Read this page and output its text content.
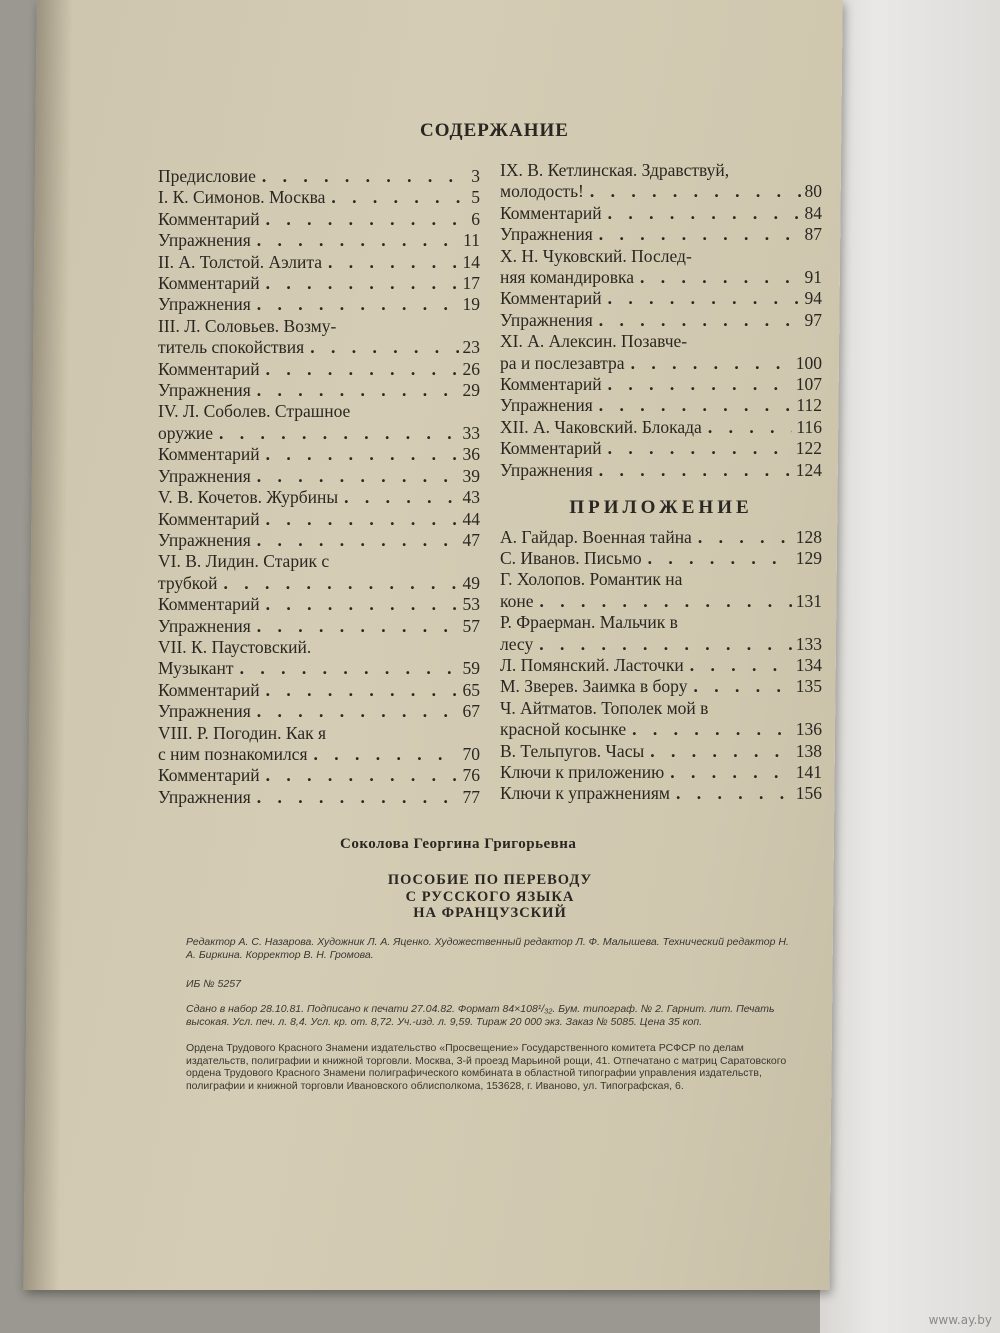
СОДЕРЖАНИЕ
Предисловие . . .	3
I. К. Симонов. Москва . . .	5
Комментарий . . .	6
Упражнения . . .	11
II. А. Толстой. Аэлита . . .	14
Комментарий . . .	17
Упражнения . . .	19
III. Л. Соловьев. Возму-
титель спокойствия . . .	23
Комментарий . . .	26
Упражнения . . .	29
IV. Л. Соболев. Страшное
оружие . . .	33
Комментарий . . .	36
Упражнения . . .	39
V. В. Кочетов. Журбины . . .	43
Комментарий . . .	44
Упражнения . . .	47
VI. В. Лидин. Старик с
трубкой . . .	49
Комментарий . . .	53
Упражнения . . .	57
VII. К. Паустовский.
Музыкант . . .	59
Комментарий . . .	65
Упражнения . . .	67
VIII. Р. Погодин. Как я
с ним познакомился . . .	70
Комментарий . . .	76
Упражнения . . .	77
IX. В. Кетлинская. Здравствуй,
молодость! . . .	80
Комментарий . . .	84
Упражнения . . .	87
X. Н. Чуковский. Послед-
няя командировка . . .	91
Комментарий . . .	94
Упражнения . . .	97
XI. А. Алексин. Позавче-
ра и послезавтра . . .	100
Комментарий . . .	107
Упражнения . . .	112
XII. А. Чаковский. Блокада . . .	116
Комментарий . . .	122
Упражнения . . .	124
ПРИЛОЖЕНИЕ
А. Гайдар. Военная тайна . . .	128
С. Иванов. Письмо . . .	129
Г. Холопов. Романтик на
коне . . .	131
Р. Фраерман. Мальчик в
лесу . . .	133
Л. Помянский. Ласточки . . .	134
М. Зверев. Заимка в бору . . .	135
Ч. Айтматов. Тополек мой в
красной косынке . . .	136
В. Тельпугов. Часы . . .	138
Ключи к приложению . . .	141
Ключи к упражнениям . . .	156
Соколова Георгина Григорьевна
ПОСОБИЕ ПО ПЕРЕВОДУ
С РУССКОГО ЯЗЫКА
НА ФРАНЦУЗСКИЙ
Редактор А. С. Назарова. Художник Л. А. Яценко. Художественный редактор Л. Ф. Малышева. Технический редактор Н. А. Биркина. Корректор В. Н. Громова.
ИБ № 5257
Сдано в набор 28.10.81. Подписано к печати 27.04.82. Формат 84×108¹/₃₂. Бум. типограф. № 2. Гарнит. лит. Печать высокая. Усл. печ. л. 8,4. Усл. кр. от. 8,72. Уч.-изд. л. 9,59. Тираж 20 000 экз. Заказ № 5085. Цена 35 коп.
Ордена Трудового Красного Знамени издательство «Просвещение» Государственного комитета РСФСР по делам издательств, полиграфии и книжной торговли. Москва, 3-й проезд Марьиной рощи, 41. Отпечатано с матриц Саратовского ордена Трудового Красного Знамени полиграфического комбината в областной типографии управления издательств, полиграфии и книжной торговли Ивановского облисполкома, 153628, г. Иваново, ул. Типографская, 6.
www.ay.by
